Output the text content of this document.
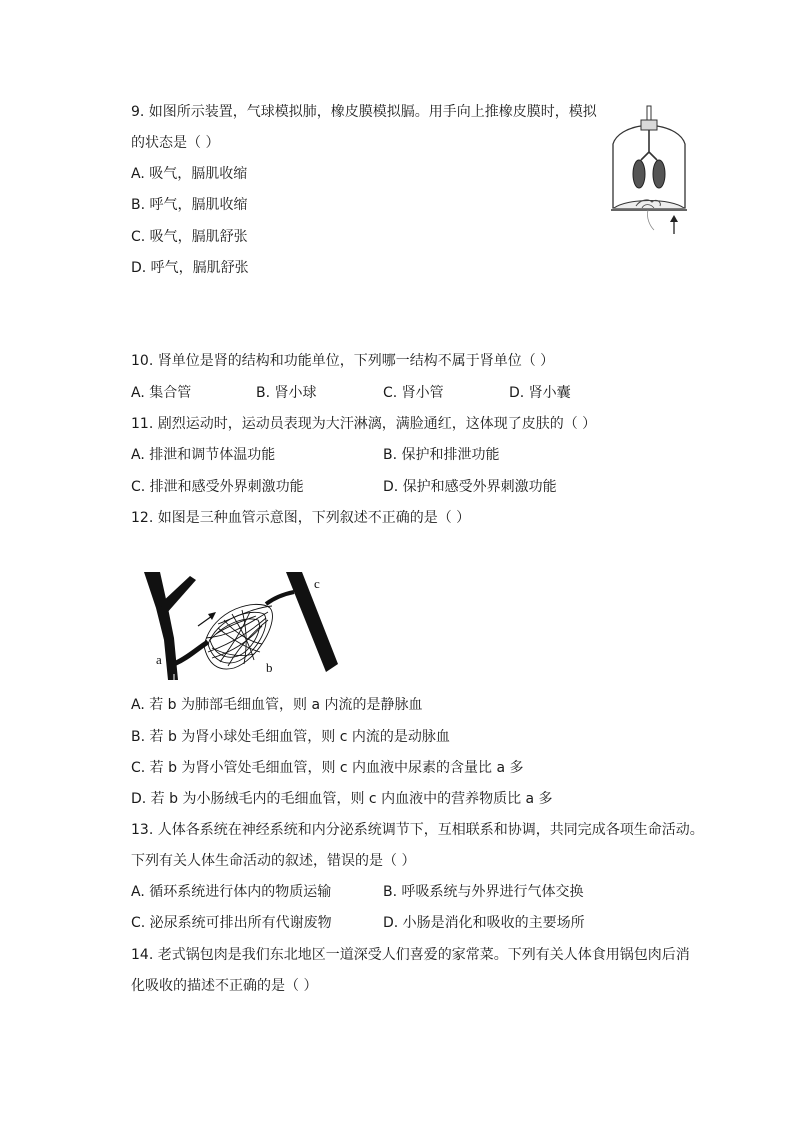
9. 如图所示装置，气球模拟肺，橡皮膜模拟膈。用手向上推橡皮膜时，模拟
的状态是（ ）
A. 吸气，膈肌收缩
B. 呼气，膈肌收缩
C. 吸气，膈肌舒张
D. 呼气，膈肌舒张
10. 肾单位是肾的结构和功能单位，下列哪一结构不属于肾单位（ ）
A. 集合管	B. 肾小球	C. 肾小管	D. 肾小囊
11. 剧烈运动时，运动员表现为大汗淋漓，满脸通红，这体现了皮肤的（ ）
A. 排泄和调节体温功能	B. 保护和排泄功能
C. 排泄和感受外界刺激功能	D. 保护和感受外界刺激功能
12. 如图是三种血管示意图，下列叙述不正确的是（ ）
a
b
c
A. 若 b 为肺部毛细血管，则 a 内流的是静脉血
B. 若 b 为肾小球处毛细血管，则 c 内流的是动脉血
C. 若 b 为肾小管处毛细血管，则 c 内血液中尿素的含量比 a 多
D. 若 b 为小肠绒毛内的毛细血管，则 c 内血液中的营养物质比 a 多
13. 人体各系统在神经系统和内分泌系统调节下，互相联系和协调，共同完成各项生命活动。
下列有关人体生命活动的叙述，错误的是（ ）
A. 循环系统进行体内的物质运输	B. 呼吸系统与外界进行气体交换
C. 泌尿系统可排出所有代谢废物	D. 小肠是消化和吸收的主要场所
14. 老式锅包肉是我们东北地区一道深受人们喜爱的家常菜。下列有关人体食用锅包肉后消
化吸收的描述不正确的是（ ）
